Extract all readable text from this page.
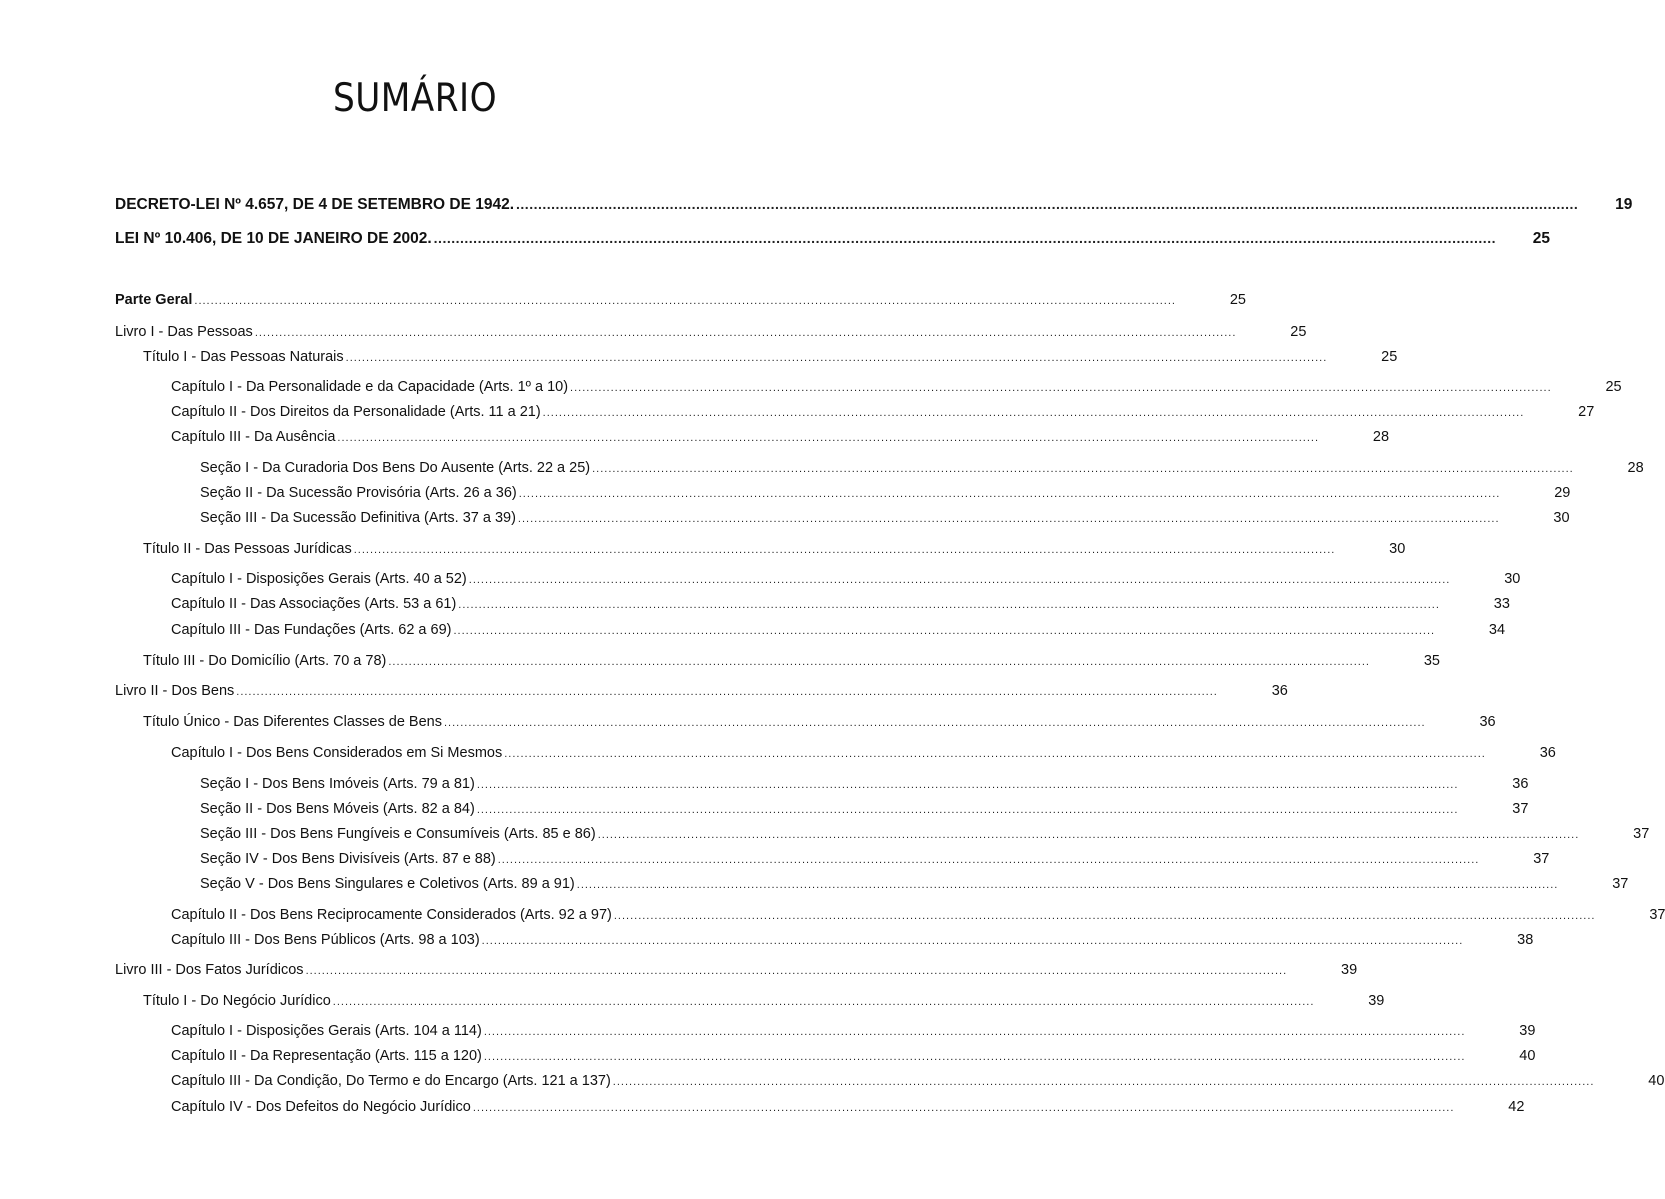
SUMÁRIO
DECRETO-LEI Nº 4.657, DE 4 DE SETEMBRO DE 1942. .................................................................................................................................................................................................................................................. 19
LEI Nº 10.406, DE 10 DE JANEIRO DE 2002. .................................................................................................................................................................................................................................................. 25
Parte Geral ..................................................................................................................................................................................................................................................	25
Livro I - Das Pessoas ..................................................................................................................................................................................................................................................	25
Título I - Das Pessoas Naturais ..................................................................................................................................................................................................................................................	25
Capítulo I - Da Personalidade e da Capacidade (Arts. 1º a 10) ..................................................................................................................................................................................................................................................	25
Capítulo II - Dos Direitos da Personalidade (Arts. 11 a 21) ..................................................................................................................................................................................................................................................	27
Capítulo III - Da Ausência ..................................................................................................................................................................................................................................................	28
Seção I - Da Curadoria Dos Bens Do Ausente (Arts. 22 a 25) ..................................................................................................................................................................................................................................................	28
Seção II - Da Sucessão Provisória (Arts. 26 a 36) ..................................................................................................................................................................................................................................................	29
Seção III - Da Sucessão Definitiva (Arts. 37 a 39) ..................................................................................................................................................................................................................................................	30
Título II - Das Pessoas Jurídicas ..................................................................................................................................................................................................................................................	30
Capítulo I - Disposições Gerais (Arts. 40 a 52) ..................................................................................................................................................................................................................................................	30
Capítulo II - Das Associações (Arts. 53 a 61) ..................................................................................................................................................................................................................................................	33
Capítulo III - Das Fundações (Arts. 62 a 69) ..................................................................................................................................................................................................................................................	34
Título III - Do Domicílio (Arts. 70 a 78) ..................................................................................................................................................................................................................................................	35
Livro II - Dos Bens ..................................................................................................................................................................................................................................................	36
Título Único - Das Diferentes Classes de Bens ..................................................................................................................................................................................................................................................	36
Capítulo I - Dos Bens Considerados em Si Mesmos ..................................................................................................................................................................................................................................................	36
Seção I - Dos Bens Imóveis (Arts. 79 a 81) ..................................................................................................................................................................................................................................................	36
Seção II - Dos Bens Móveis (Arts. 82 a 84) ..................................................................................................................................................................................................................................................	37
Seção III - Dos Bens Fungíveis e Consumíveis (Arts. 85 e 86) ..................................................................................................................................................................................................................................................	37
Seção IV - Dos Bens Divisíveis (Arts. 87 e 88) ..................................................................................................................................................................................................................................................	37
Seção V - Dos Bens Singulares e Coletivos (Arts. 89 a 91) ..................................................................................................................................................................................................................................................	37
Capítulo II - Dos Bens Reciprocamente Considerados (Arts. 92 a 97) ..................................................................................................................................................................................................................................................	37
Capítulo III - Dos Bens Públicos (Arts. 98 a 103) ..................................................................................................................................................................................................................................................	38
Livro III - Dos Fatos Jurídicos ..................................................................................................................................................................................................................................................	39
Título I - Do Negócio Jurídico ..................................................................................................................................................................................................................................................	39
Capítulo I - Disposições Gerais (Arts. 104 a 114) ..................................................................................................................................................................................................................................................	39
Capítulo II - Da Representação (Arts. 115 a 120) ..................................................................................................................................................................................................................................................	40
Capítulo III - Da Condição, Do Termo e do Encargo (Arts. 121 a 137) ..................................................................................................................................................................................................................................................	40
Capítulo IV - Dos Defeitos do Negócio Jurídico ..................................................................................................................................................................................................................................................	42
